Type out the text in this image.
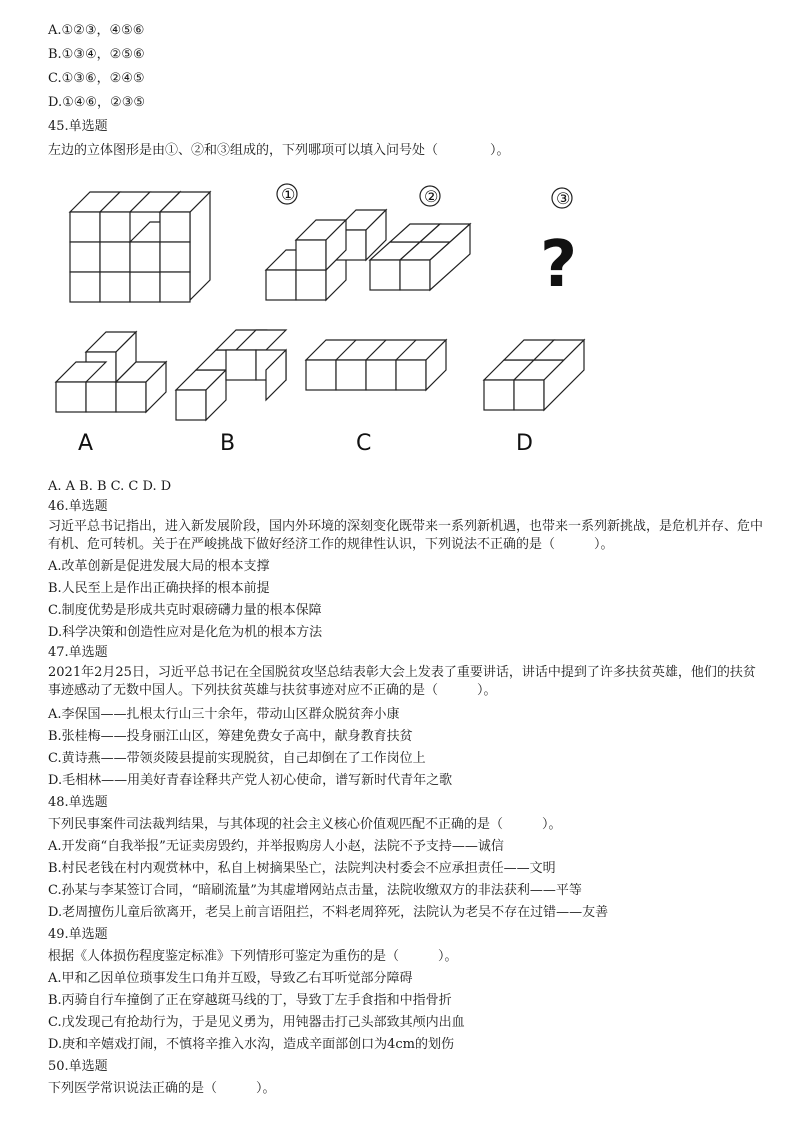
A.①②③，④⑤⑥
B.①③④，②⑤⑥
C.①③⑥，②④⑤
D.①④⑥，②③⑤
45.单选题
左边的立体图形是由①、②和③组成的，下列哪项可以填入问号处（　　　　）。
①	②	③
?
A	B	C	D
A. A B. B C. C D. D
46.单选题
习近平总书记指出，进入新发展阶段，国内外环境的深刻变化既带来一系列新机遇，也带来一系列新挑战，是危机并存、危中有机、危可转机。关于在严峻挑战下做好经济工作的规律性认识，下列说法不正确的是（　　　）。
A.改革创新是促进发展大局的根本支撑
B.人民至上是作出正确抉择的根本前提
C.制度优势是形成共克时艰磅礴力量的根本保障
D.科学决策和创造性应对是化危为机的根本方法
47.单选题
2021年2月25日，习近平总书记在全国脱贫攻坚总结表彰大会上发表了重要讲话，讲话中提到了许多扶贫英雄，他们的扶贫事迹感动了无数中国人。下列扶贫英雄与扶贫事迹对应不正确的是（　　　）。
A.李保国——扎根太行山三十余年，带动山区群众脱贫奔小康
B.张桂梅——投身丽江山区，筹建免费女子高中，献身教育扶贫
C.黄诗燕——带领炎陵县提前实现脱贫，自己却倒在了工作岗位上
D.毛相林——用美好青春诠释共产党人初心使命，谱写新时代青年之歌
48.单选题
下列民事案件司法裁判结果，与其体现的社会主义核心价值观匹配不正确的是（　　　）。
A.开发商“自我举报”无证卖房毁约，并举报购房人小赵，法院不予支持——诚信
B.村民老钱在村内观赏林中，私自上树摘果坠亡，法院判决村委会不应承担责任——文明
C.孙某与李某签订合同，“暗刷流量”为其虚增网站点击量，法院收缴双方的非法获利——平等
D.老周擅伤儿童后欲离开，老吴上前言语阻拦，不料老周猝死，法院认为老吴不存在过错——友善
49.单选题
根据《人体损伤程度鉴定标准》下列情形可鉴定为重伤的是（　　　）。
A.甲和乙因单位琐事发生口角并互殴，导致乙右耳听觉部分障碍
B.丙骑自行车撞倒了正在穿越斑马线的丁，导致丁左手食指和中指骨折
C.戊发现己有抢劫行为，于是见义勇为，用钝器击打己头部致其颅内出血
D.庚和辛嬉戏打闹，不慎将辛推入水沟，造成辛面部创口为4cm的划伤
50.单选题
下列医学常识说法正确的是（　　　）。
